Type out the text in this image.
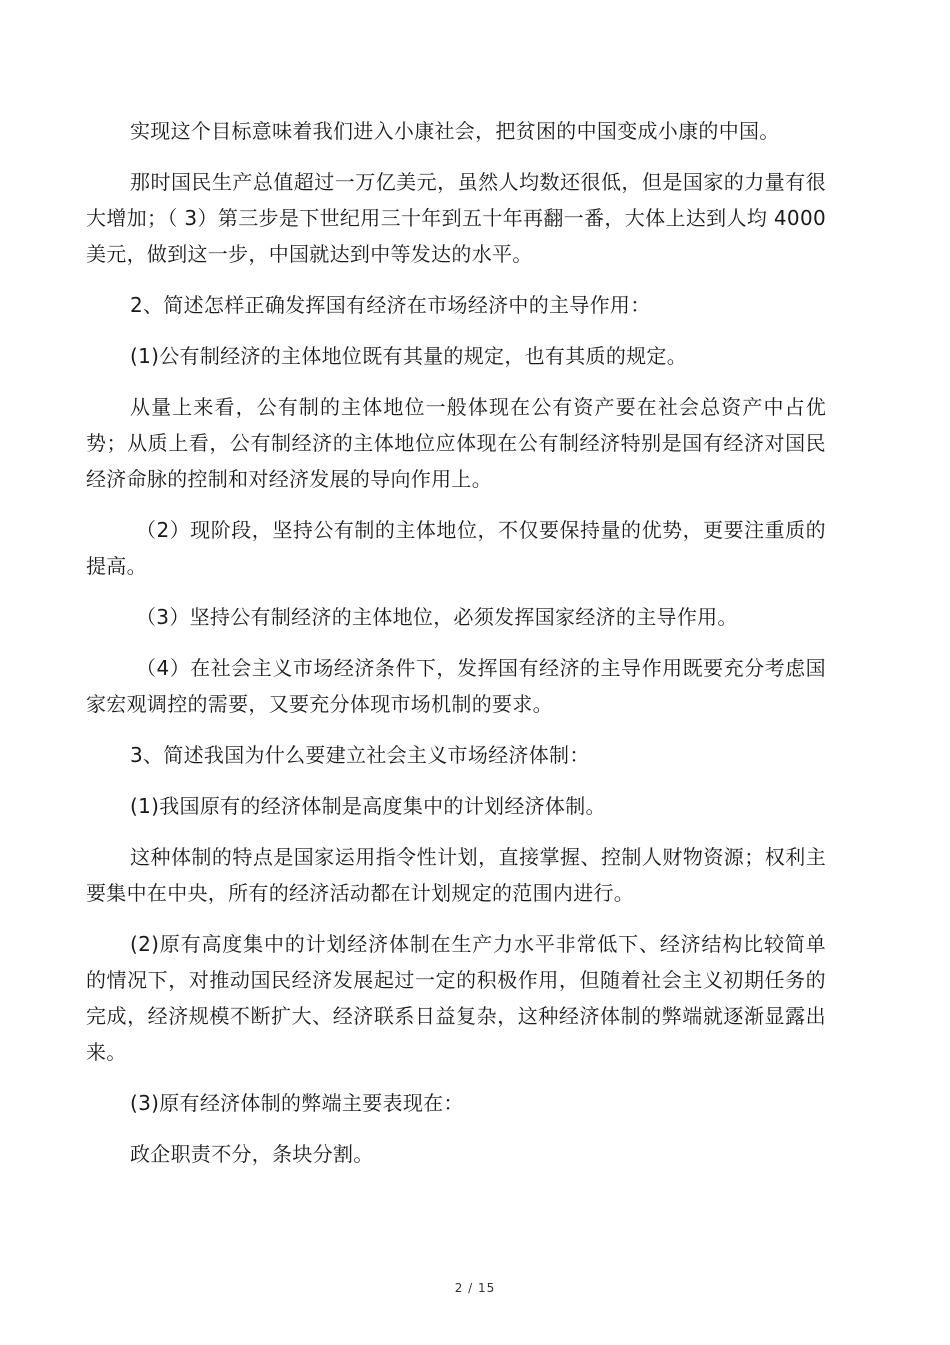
实现这个目标意味着我们进入小康社会，把贫困的中国变成小康的中国。

那时国民生产总值超过一万亿美元，虽然人均数还很低，但是国家的力量有很大增加；（ 3）第三步是下世纪用三十年到五十年再翻一番，大体上达到人均 4000 美元，做到这一步，中国就达到中等发达的水平。

2、简述怎样正确发挥国有经济在市场经济中的主导作用：

(1)公有制经济的主体地位既有其量的规定，也有其质的规定。

从量上来看，公有制的主体地位一般体现在公有资产要在社会总资产中占优势；从质上看，公有制经济的主体地位应体现在公有制经济特别是国有经济对国民经济命脉的控制和对经济发展的导向作用上。

（2）现阶段，坚持公有制的主体地位，不仅要保持量的优势，更要注重质的提高。

（3）坚持公有制经济的主体地位，必须发挥国家经济的主导作用。

（4）在社会主义市场经济条件下，发挥国有经济的主导作用既要充分考虑国家宏观调控的需要，又要充分体现市场机制的要求。

3、简述我国为什么要建立社会主义市场经济体制：

(1)我国原有的经济体制是高度集中的计划经济体制。

这种体制的特点是国家运用指令性计划，直接掌握、控制人财物资源；权利主要集中在中央，所有的经济活动都在计划规定的范围内进行。

(2)原有高度集中的计划经济体制在生产力水平非常低下、经济结构比较简单的情况下，对推动国民经济发展起过一定的积极作用，但随着社会主义初期任务的完成，经济规模不断扩大、经济联系日益复杂，这种经济体制的弊端就逐渐显露出来。

(3)原有经济体制的弊端主要表现在：

政企职责不分，条块分割。

2 / 15
